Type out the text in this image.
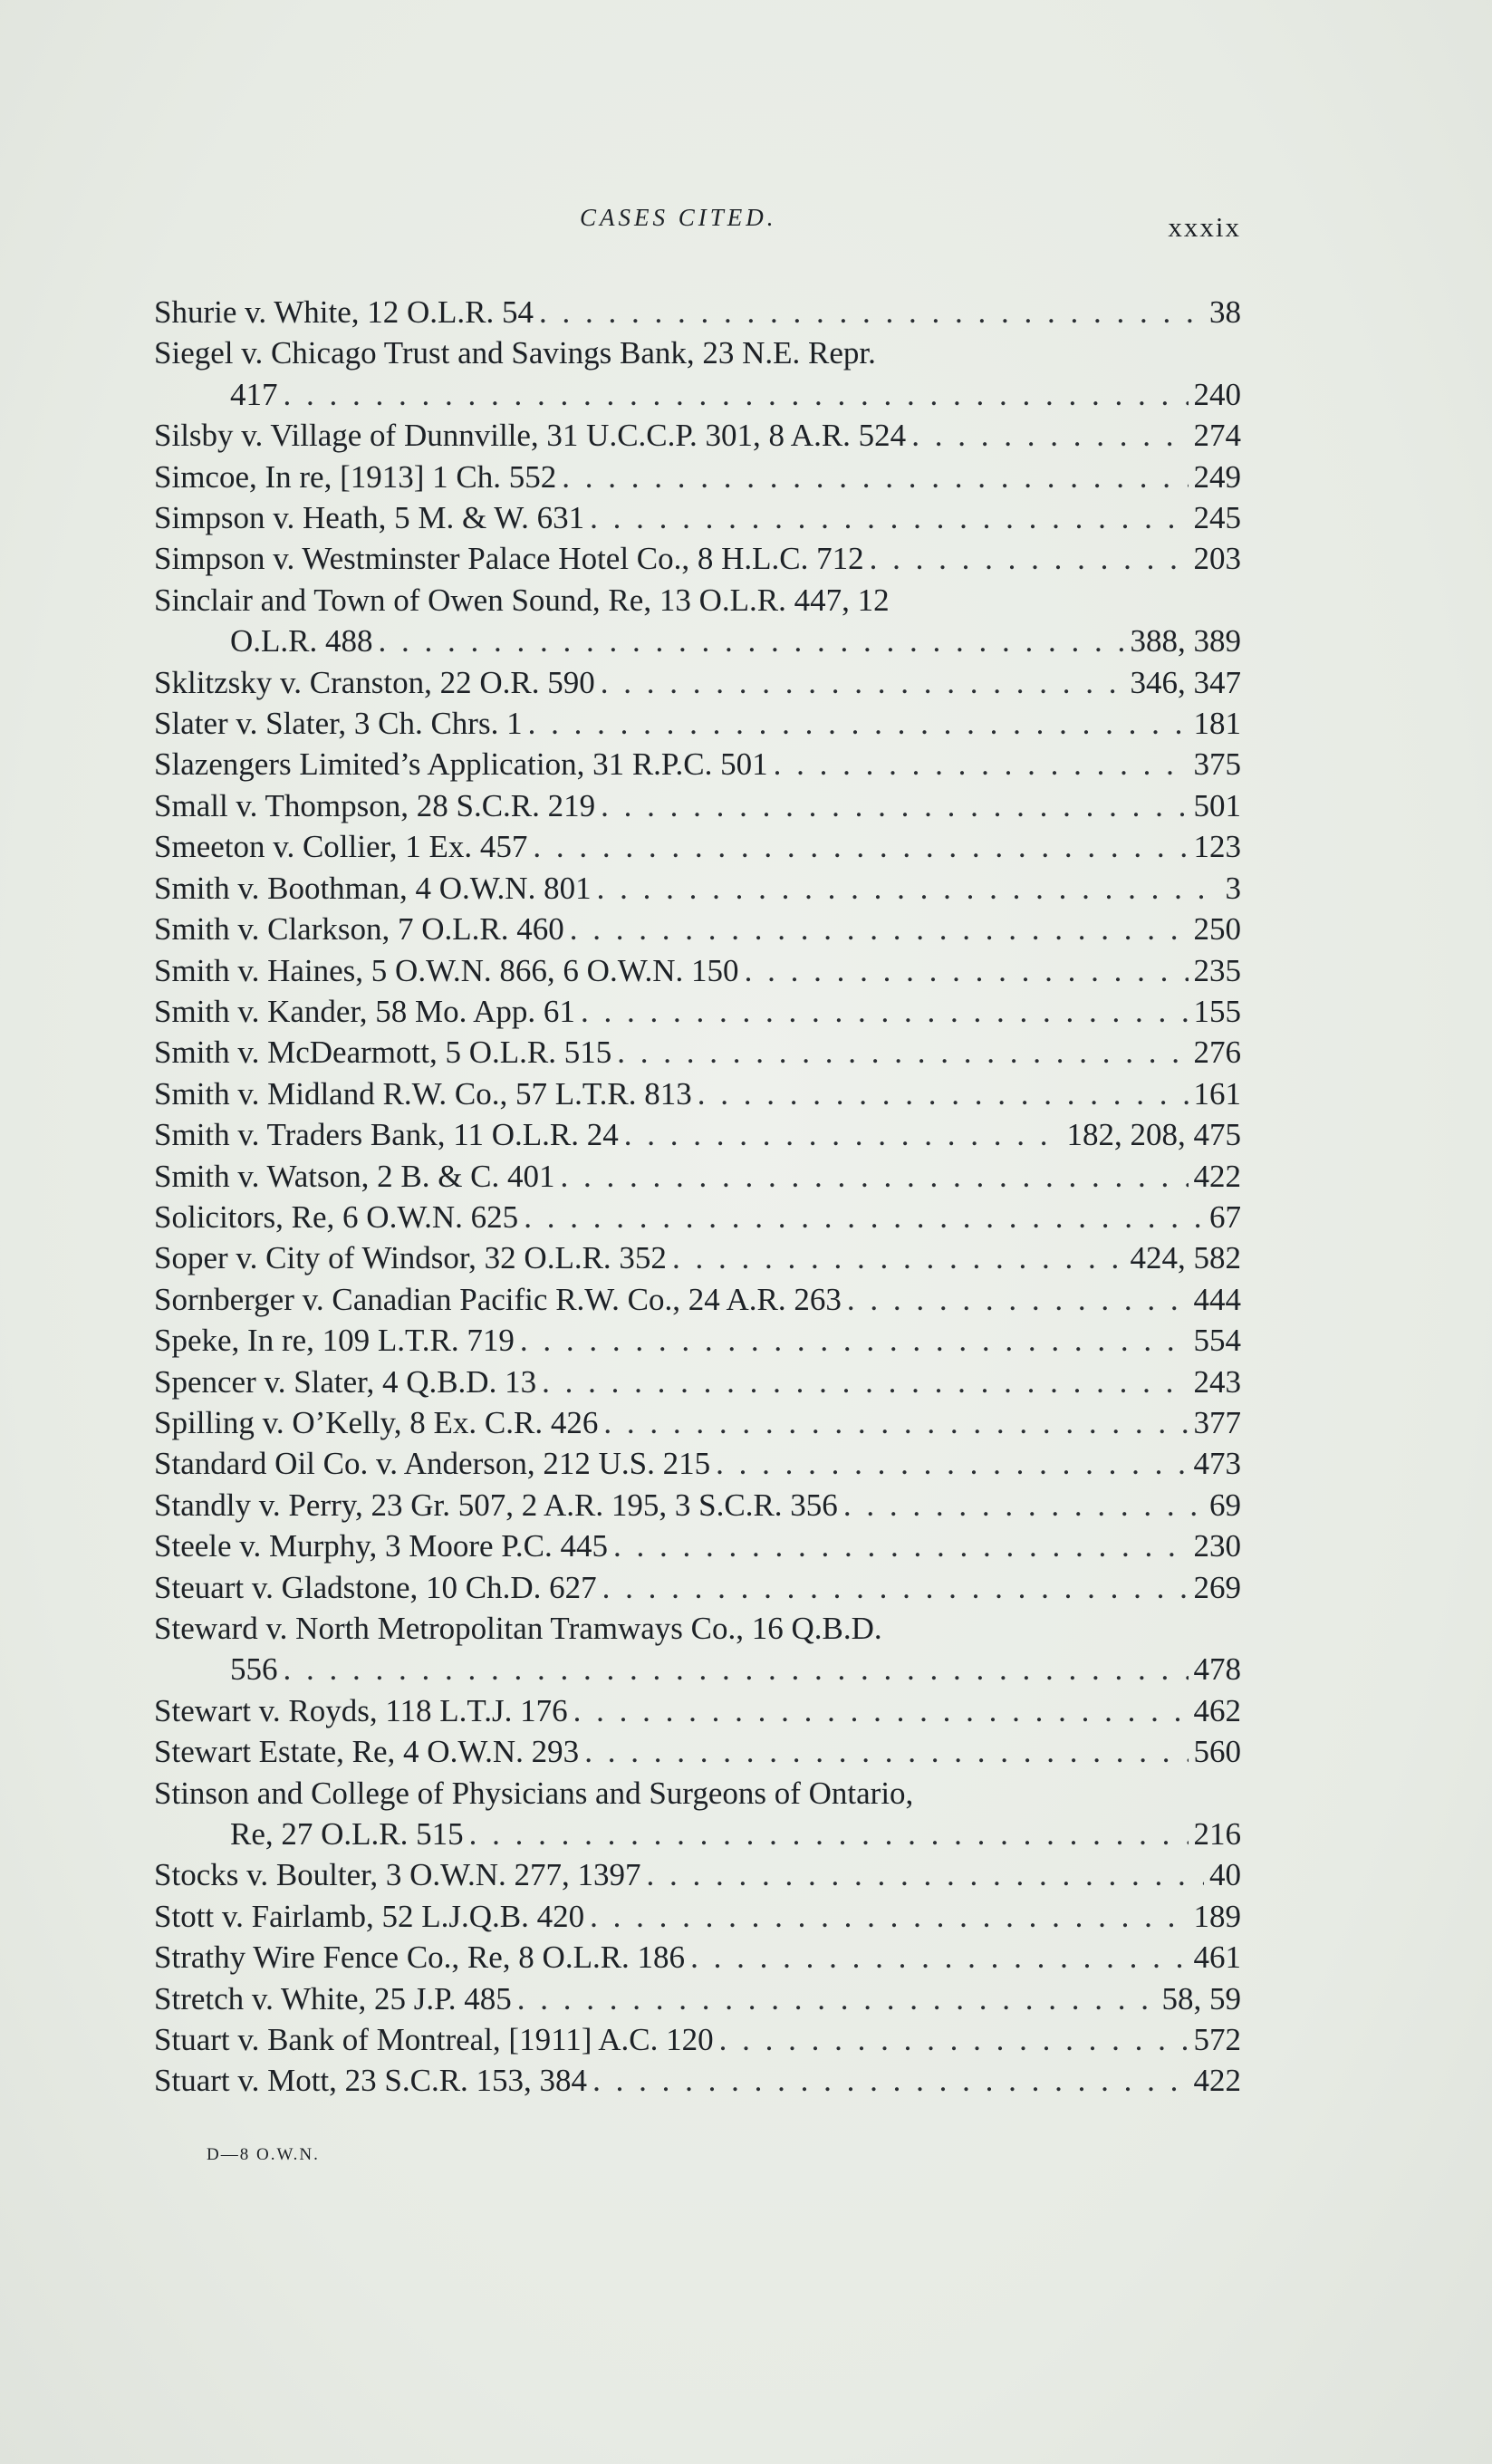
CASES CITED.	xxxix
Shurie v. White, 12 O.L.R. 54 . . .	38
Siegel v. Chicago Trust and Savings Bank, 23 N.E. Repr.
417 . . .	240
Silsby v. Village of Dunnville, 31 U.C.C.P. 301, 8 A.R. 524 . . .	274
Simcoe, In re, [1913] 1 Ch. 552 . . .	249
Simpson v. Heath, 5 M. & W. 631 . . .	245
Simpson v. Westminster Palace Hotel Co., 8 H.L.C. 712 . . .	203
Sinclair and Town of Owen Sound, Re, 13 O.L.R. 447, 12
O.L.R. 488 . . .	388, 389
Sklitzsky v. Cranston, 22 O.R. 590 . . .	346, 347
Slater v. Slater, 3 Ch. Chrs. 1 . . .	181
Slazengers Limited’s Application, 31 R.P.C. 501 . . .	375
Small v. Thompson, 28 S.C.R. 219 . . .	501
Smeeton v. Collier, 1 Ex. 457 . . .	123
Smith v. Boothman, 4 O.W.N. 801 . . .	3
Smith v. Clarkson, 7 O.L.R. 460 . . .	250
Smith v. Haines, 5 O.W.N. 866, 6 O.W.N. 150 . . .	235
Smith v. Kander, 58 Mo. App. 61 . . .	155
Smith v. McDearmott, 5 O.L.R. 515 . . .	276
Smith v. Midland R.W. Co., 57 L.T.R. 813 . . .	161
Smith v. Traders Bank, 11 O.L.R. 24 . . .	182, 208, 475
Smith v. Watson, 2 B. & C. 401 . . .	422
Solicitors, Re, 6 O.W.N. 625 . . .	67
Soper v. City of Windsor, 32 O.L.R. 352 . . .	424, 582
Sornberger v. Canadian Pacific R.W. Co., 24 A.R. 263 . . .	444
Speke, In re, 109 L.T.R. 719 . . .	554
Spencer v. Slater, 4 Q.B.D. 13 . . .	243
Spilling v. O’Kelly, 8 Ex. C.R. 426 . . .	377
Standard Oil Co. v. Anderson, 212 U.S. 215 . . .	473
Standly v. Perry, 23 Gr. 507, 2 A.R. 195, 3 S.C.R. 356 . . .	69
Steele v. Murphy, 3 Moore P.C. 445 . . .	230
Steuart v. Gladstone, 10 Ch.D. 627 . . .	269
Steward v. North Metropolitan Tramways Co., 16 Q.B.D.
556 . . .	478
Stewart v. Royds, 118 L.T.J. 176 . . .	462
Stewart Estate, Re, 4 O.W.N. 293 . . .	560
Stinson and College of Physicians and Surgeons of Ontario,
Re, 27 O.L.R. 515 . . .	216
Stocks v. Boulter, 3 O.W.N. 277, 1397 . . .	40
Stott v. Fairlamb, 52 L.J.Q.B. 420 . . .	189
Strathy Wire Fence Co., Re, 8 O.L.R. 186 . . .	461
Stretch v. White, 25 J.P. 485 . . .	58, 59
Stuart v. Bank of Montreal, [1911] A.C. 120 . . .	572
Stuart v. Mott, 23 S.C.R. 153, 384 . . .	422
D—8 O.W.N.
